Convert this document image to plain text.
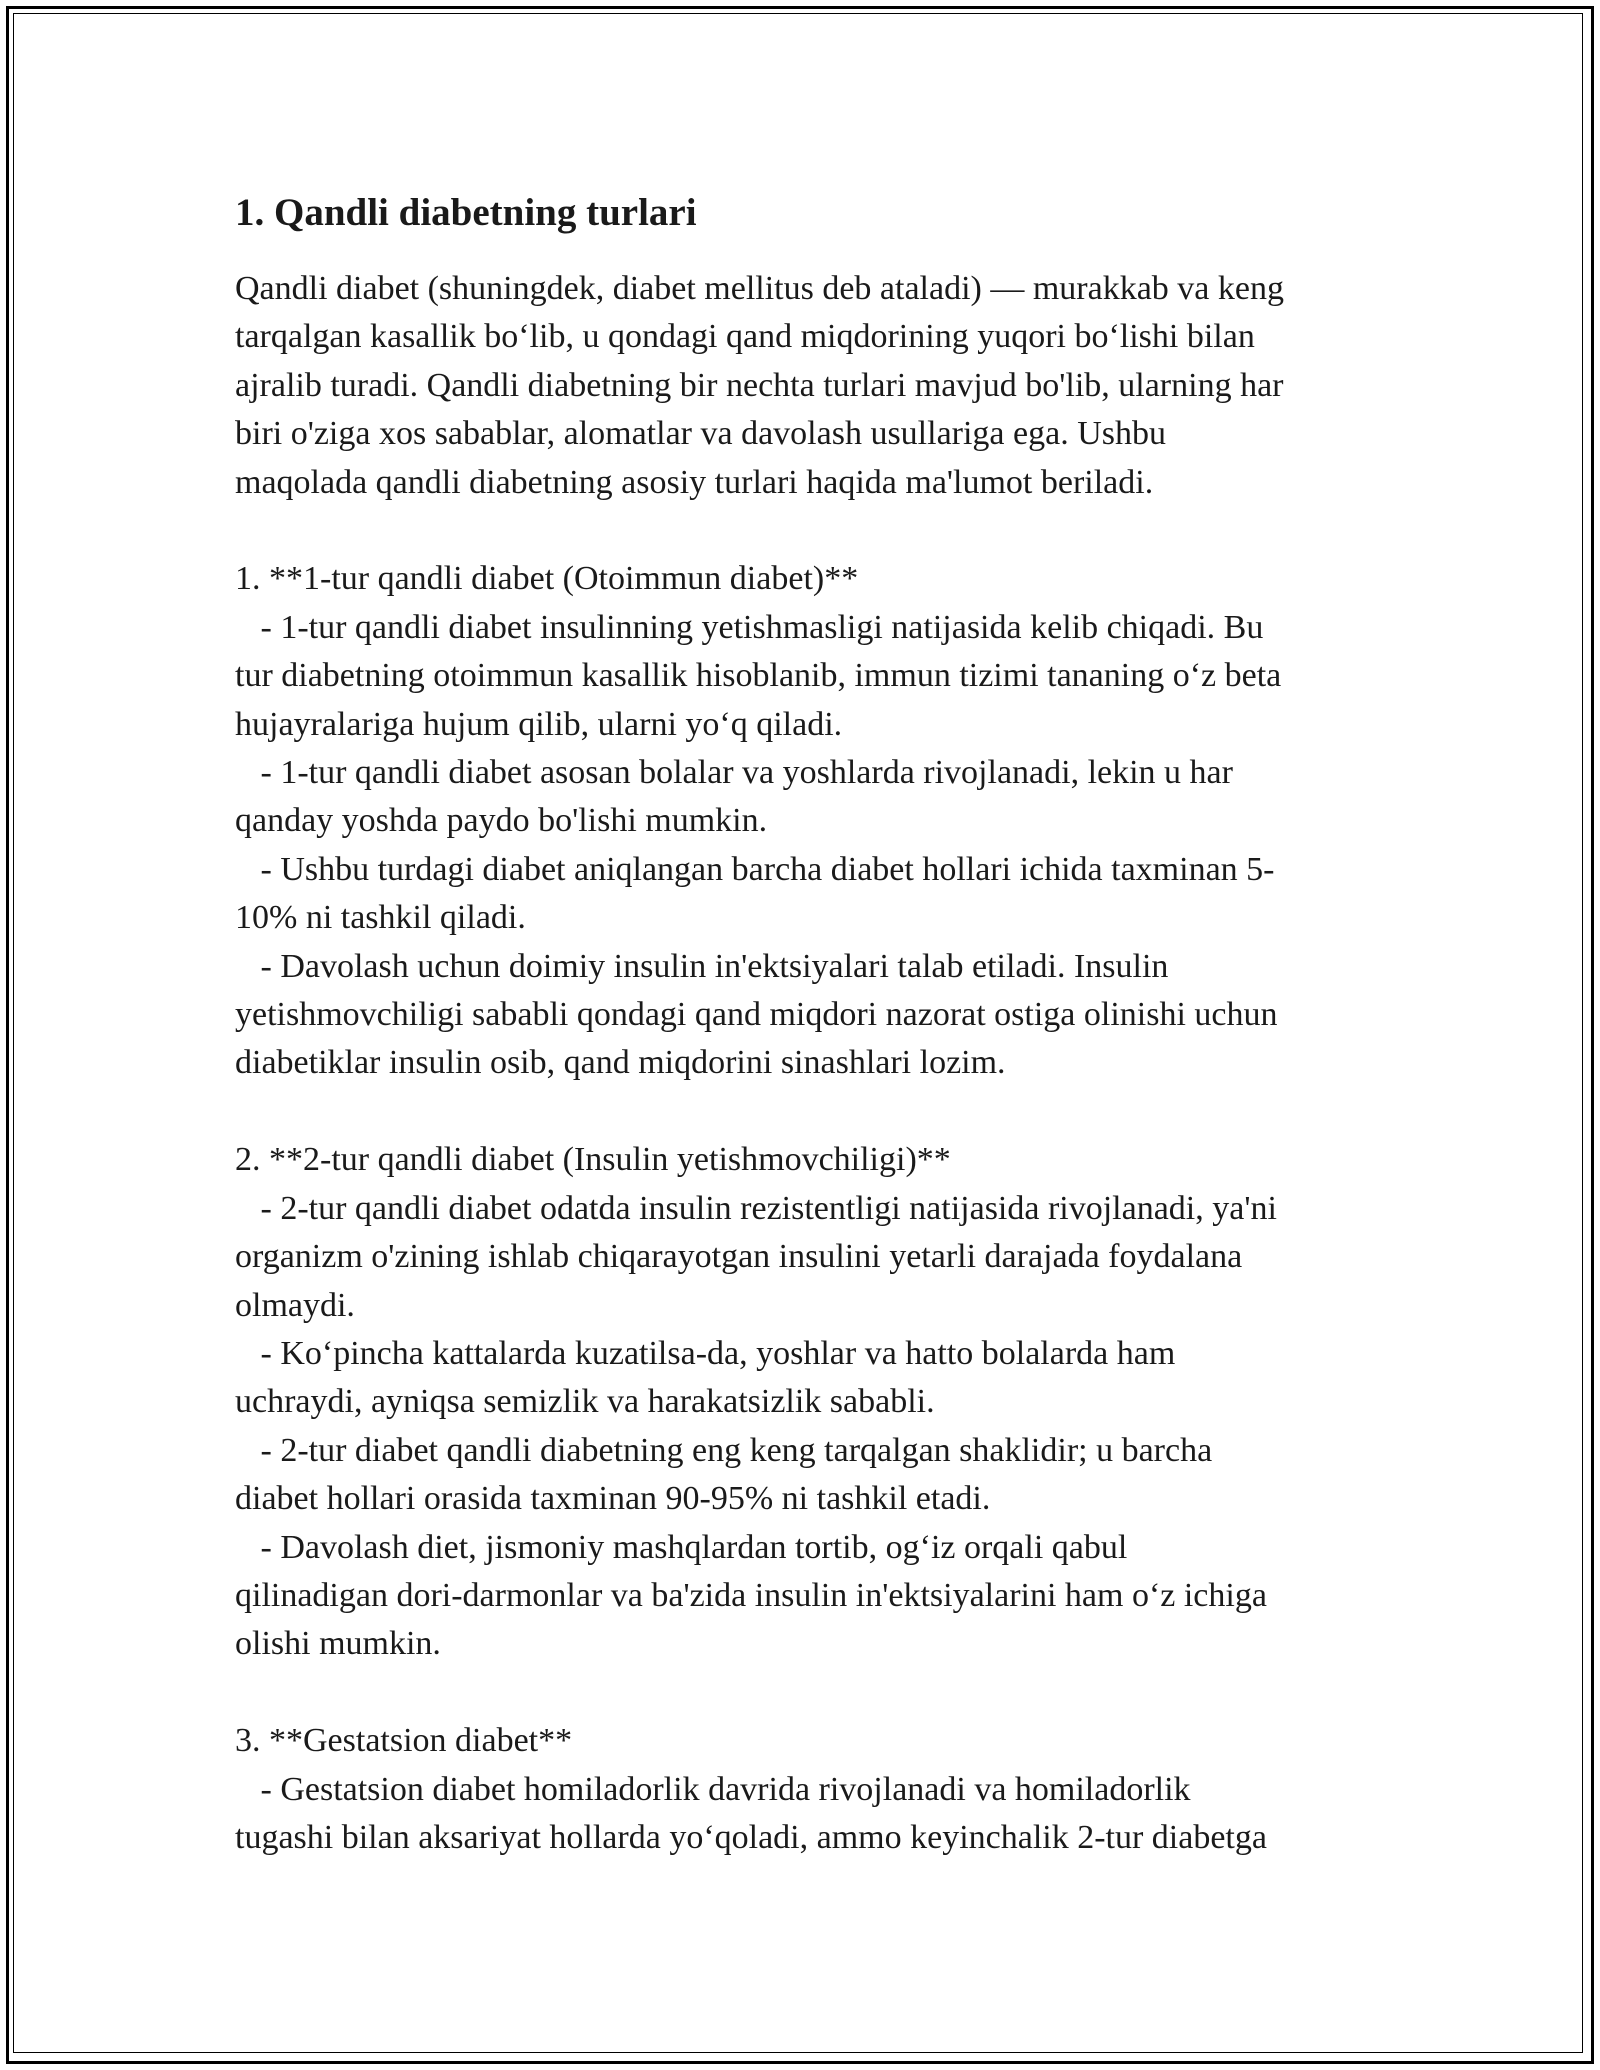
1. Qandli diabetning turlari
Qandli diabet (shuningdek, diabet mellitus deb ataladi) — murakkab va keng
tarqalgan kasallik bo‘lib, u qondagi qand miqdorining yuqori bo‘lishi bilan
ajralib turadi. Qandli diabetning bir nechta turlari mavjud bo'lib, ularning har
biri o'ziga xos sabablar, alomatlar va davolash usullariga ega. Ushbu
maqolada qandli diabetning asosiy turlari haqida ma'lumot beriladi.
1. **1-tur qandli diabet (Otoimmun diabet)**
- 1-tur qandli diabet insulinning yetishmasligi natijasida kelib chiqadi. Bu
tur diabetning otoimmun kasallik hisoblanib, immun tizimi tananing o‘z beta
hujayralariga hujum qilib, ularni yo‘q qiladi.
- 1-tur qandli diabet asosan bolalar va yoshlarda rivojlanadi, lekin u har
qanday yoshda paydo bo'lishi mumkin.
- Ushbu turdagi diabet aniqlangan barcha diabet hollari ichida taxminan 5-
10% ni tashkil qiladi.
- Davolash uchun doimiy insulin in'ektsiyalari talab etiladi. Insulin
yetishmovchiligi sababli qondagi qand miqdori nazorat ostiga olinishi uchun
diabetiklar insulin osib, qand miqdorini sinashlari lozim.
2. **2-tur qandli diabet (Insulin yetishmovchiligi)**
- 2-tur qandli diabet odatda insulin rezistentligi natijasida rivojlanadi, ya'ni
organizm o'zining ishlab chiqarayotgan insulini yetarli darajada foydalana
olmaydi.
- Ko‘pincha kattalarda kuzatilsa-da, yoshlar va hatto bolalarda ham
uchraydi, ayniqsa semizlik va harakatsizlik sababli.
- 2-tur diabet qandli diabetning eng keng tarqalgan shaklidir; u barcha
diabet hollari orasida taxminan 90-95% ni tashkil etadi.
- Davolash diet, jismoniy mashqlardan tortib, og‘iz orqali qabul
qilinadigan dori-darmonlar va ba'zida insulin in'ektsiyalarini ham o‘z ichiga
olishi mumkin.
3. **Gestatsion diabet**
- Gestatsion diabet homiladorlik davrida rivojlanadi va homiladorlik
tugashi bilan aksariyat hollarda yo‘qoladi, ammo keyinchalik 2-tur diabetga
